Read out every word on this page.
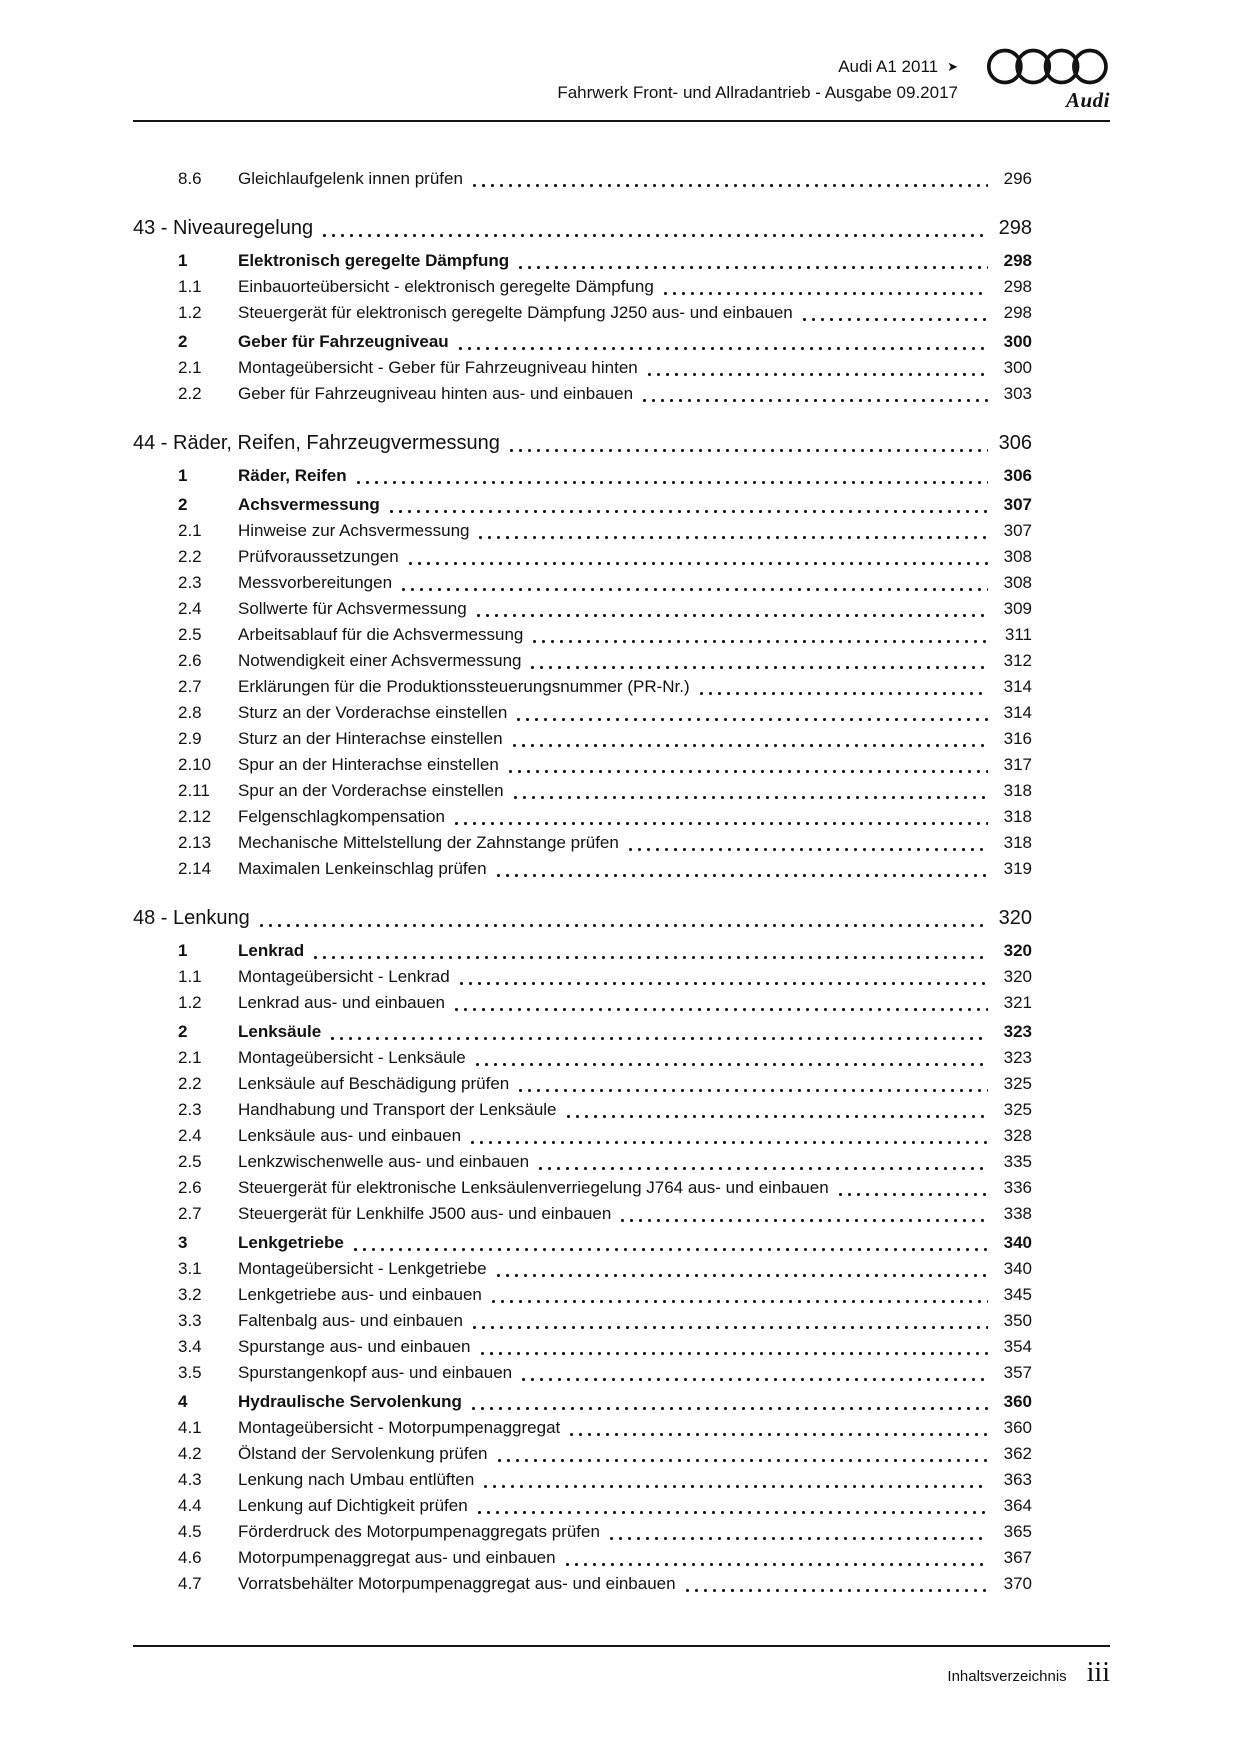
Audi A1 2011 ➤
Fahrwerk Front- und Allradantrieb - Ausgabe 09.2017	Audi
8.6	Gleichlaufgelenk innen prüfen	296
43 - Niveauregelung	298
1	Elektronisch geregelte Dämpfung	298
1.1	Einbauorteübersicht - elektronisch geregelte Dämpfung	298
1.2	Steuergerät für elektronisch geregelte Dämpfung J250 aus- und einbauen	298
2	Geber für Fahrzeugniveau	300
2.1	Montageübersicht - Geber für Fahrzeugniveau hinten	300
2.2	Geber für Fahrzeugniveau hinten aus- und einbauen	303
44 - Räder, Reifen, Fahrzeugvermessung	306
1	Räder, Reifen	306
2	Achsvermessung	307
2.1	Hinweise zur Achsvermessung	307
2.2	Prüfvoraussetzungen	308
2.3	Messvorbereitungen	308
2.4	Sollwerte für Achsvermessung	309
2.5	Arbeitsablauf für die Achsvermessung	311
2.6	Notwendigkeit einer Achsvermessung	312
2.7	Erklärungen für die Produktionssteuerungsnummer (PR-Nr.)	314
2.8	Sturz an der Vorderachse einstellen	314
2.9	Sturz an der Hinterachse einstellen	316
2.10	Spur an der Hinterachse einstellen	317
2.11	Spur an der Vorderachse einstellen	318
2.12	Felgenschlagkompensation	318
2.13	Mechanische Mittelstellung der Zahnstange prüfen	318
2.14	Maximalen Lenkeinschlag prüfen	319
48 - Lenkung	320
1	Lenkrad	320
1.1	Montageübersicht - Lenkrad	320
1.2	Lenkrad aus- und einbauen	321
2	Lenksäule	323
2.1	Montageübersicht - Lenksäule	323
2.2	Lenksäule auf Beschädigung prüfen	325
2.3	Handhabung und Transport der Lenksäule	325
2.4	Lenksäule aus- und einbauen	328
2.5	Lenkzwischenwelle aus- und einbauen	335
2.6	Steuergerät für elektronische Lenksäulenverriegelung J764 aus- und einbauen	336
2.7	Steuergerät für Lenkhilfe J500 aus- und einbauen	338
3	Lenkgetriebe	340
3.1	Montageübersicht - Lenkgetriebe	340
3.2	Lenkgetriebe aus- und einbauen	345
3.3	Faltenbalg aus- und einbauen	350
3.4	Spurstange aus- und einbauen	354
3.5	Spurstangenkopf aus- und einbauen	357
4	Hydraulische Servolenkung	360
4.1	Montageübersicht - Motorpumpenaggregat	360
4.2	Ölstand der Servolenkung prüfen	362
4.3	Lenkung nach Umbau entlüften	363
4.4	Lenkung auf Dichtigkeit prüfen	364
4.5	Förderdruck des Motorpumpenaggregats prüfen	365
4.6	Motorpumpenaggregat aus- und einbauen	367
4.7	Vorratsbehälter Motorpumpenaggregat aus- und einbauen	370
Inhaltsverzeichnis iii
